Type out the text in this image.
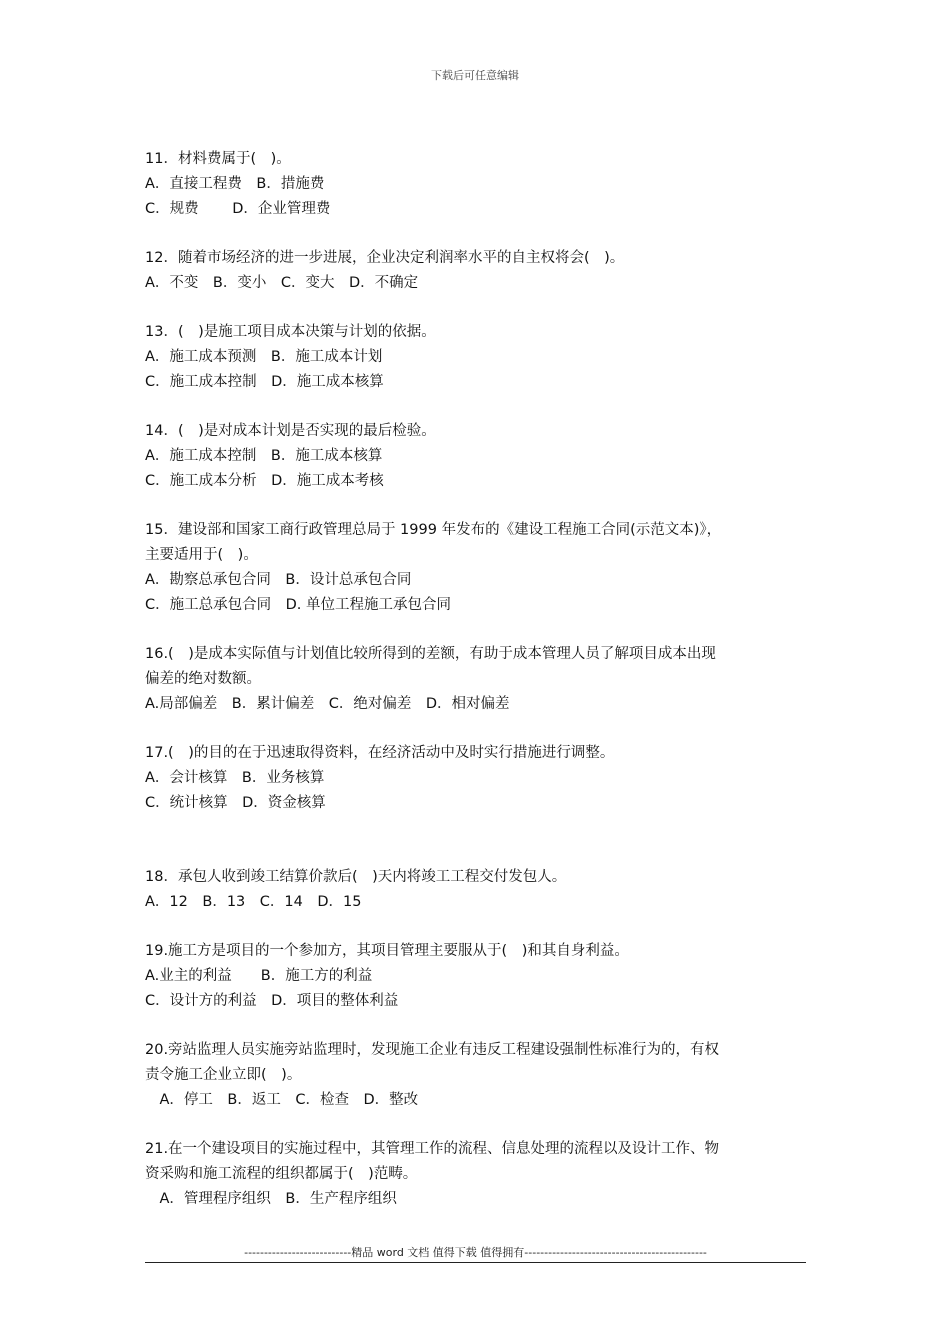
下载后可任意编辑
11．材料费属于(　)。
A．直接工程费　B．措施费
C．规费　　 D．企业管理费
12．随着市场经济的进一步进展，企业决定利润率水平的自主权将会(　)。
A．不变　B．变小　C．变大　D．不确定
13．(　)是施工项目成本决策与计划的依据。
A．施工成本预测　B．施工成本计划
C．施工成本控制　D．施工成本核算
14．(　)是对成本计划是否实现的最后检验。
A．施工成本控制　B．施工成本核算
C．施工成本分析　D．施工成本考核
15．建设部和国家工商行政管理总局于 1999 年发布的《建设工程施工合同(示范文本)》，
主要适用于(　)。
A．勘察总承包合同　B．设计总承包合同
C．施工总承包合同　D. 单位工程施工承包合同
16.(　)是成本实际值与计划值比较所得到的差额，有助于成本管理人员了解项目成本出现
偏差的绝对数额。
A.局部偏差　B．累计偏差　C．绝对偏差　D．相对偏差
17.(　)的目的在于迅速取得资料，在经济活动中及时实行措施进行调整。
A．会计核算　B．业务核算
C．统计核算　D．资金核算
18．承包人收到竣工结算价款后(　)天内将竣工工程交付发包人。
A．12　B．13　C．14　D．15
19.施工方是项目的一个参加方，其项目管理主要服从于(　)和其自身利益。
A.业主的利益　　B．施工方的利益
C．设计方的利益　D．项目的整体利益
20.旁站监理人员实施旁站监理时，发现施工企业有违反工程建设强制性标准行为的，有权
责令施工企业立即(　)。
　A．停工　B．返工　C．检查　D．整改
21.在一个建设项目的实施过程中，其管理工作的流程、信息处理的流程以及设计工作、物
资采购和施工流程的组织都属于(　)范畴。
　A．管理程序组织　B．生产程序组织
---------------------------精品 word 文档 值得下载 值得拥有----------------------------------------------
